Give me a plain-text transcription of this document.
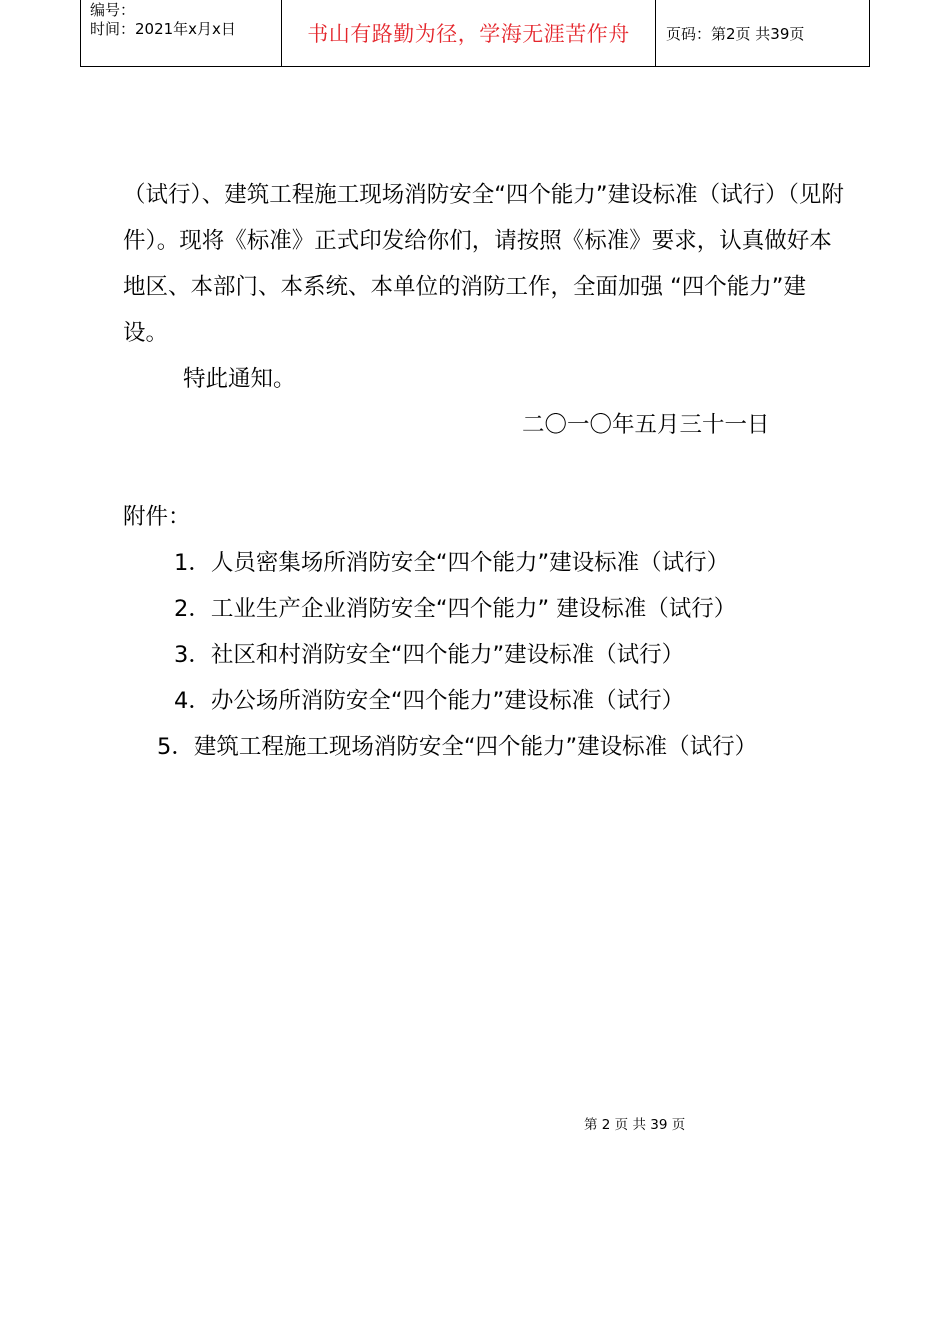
编号：
时间：2021年x月x日	书山有路勤为径，学海无涯苦作舟	页码：第2页 共39页

（试行）、建筑工程施工现场消防安全“四个能力”建设标准（试行）（见附件）。现将《标准》正式印发给你们，请按照《标准》要求，认真做好本地区、本部门、本系统、本单位的消防工作，全面加强 “四个能力”建设。

特此通知。

二〇一〇年五月三十一日
附件：
1．人员密集场所消防安全“四个能力”建设标准（试行）
2．工业生产企业消防安全“四个能力” 建设标准（试行）
3．社区和村消防安全“四个能力”建设标准（试行）
4．办公场所消防安全“四个能力”建设标准（试行）
5．建筑工程施工现场消防安全“四个能力”建设标准（试行）
第 2 页 共 39 页
